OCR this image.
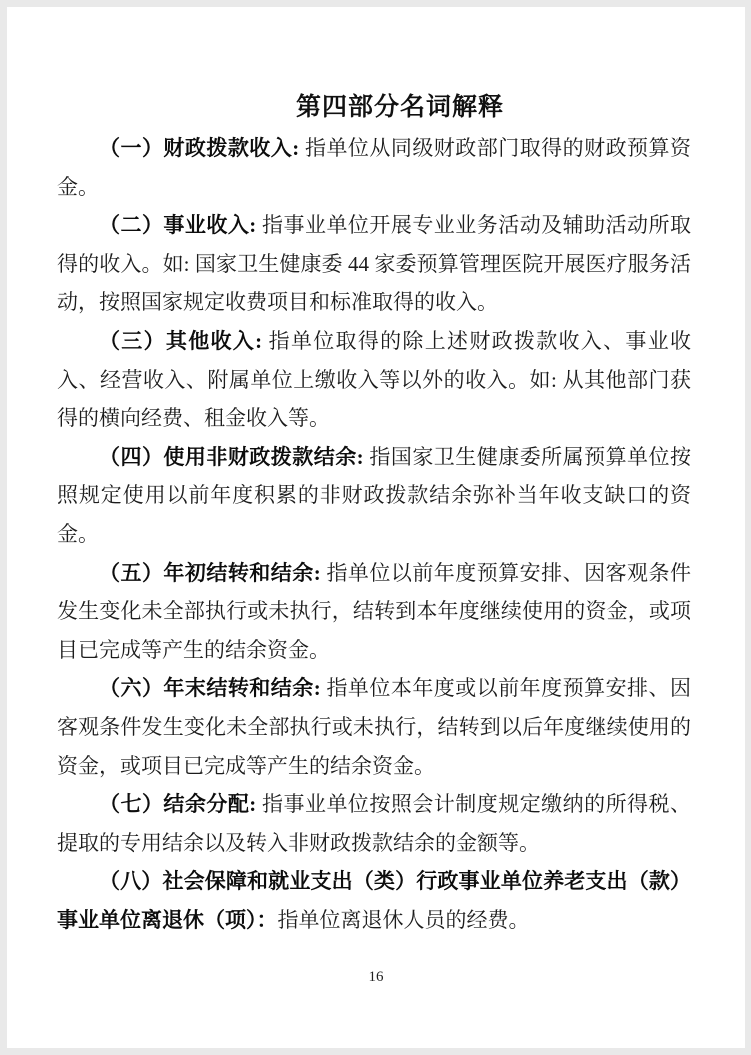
第四部分名词解释

（一）财政拨款收入: 指单位从同级财政部门取得的财政预算资金。

（二）事业收入: 指事业单位开展专业业务活动及辅助活动所取得的收入。如: 国家卫生健康委 44 家委预算管理医院开展医疗服务活动，按照国家规定收费项目和标准取得的收入。

（三）其他收入: 指单位取得的除上述财政拨款收入、事业收入、经营收入、附属单位上缴收入等以外的收入。如: 从其他部门获得的横向经费、租金收入等。

（四）使用非财政拨款结余: 指国家卫生健康委所属预算单位按照规定使用以前年度积累的非财政拨款结余弥补当年收支缺口的资金。

（五）年初结转和结余: 指单位以前年度预算安排、因客观条件发生变化未全部执行或未执行，结转到本年度继续使用的资金，或项目已完成等产生的结余资金。

（六）年末结转和结余: 指单位本年度或以前年度预算安排、因客观条件发生变化未全部执行或未执行，结转到以后年度继续使用的资金，或项目已完成等产生的结余资金。

（七）结余分配: 指事业单位按照会计制度规定缴纳的所得税、提取的专用结余以及转入非财政拨款结余的金额等。

（八）社会保障和就业支出（类）行政事业单位养老支出（款）事业单位离退休（项）：指单位离退休人员的经费。

16
